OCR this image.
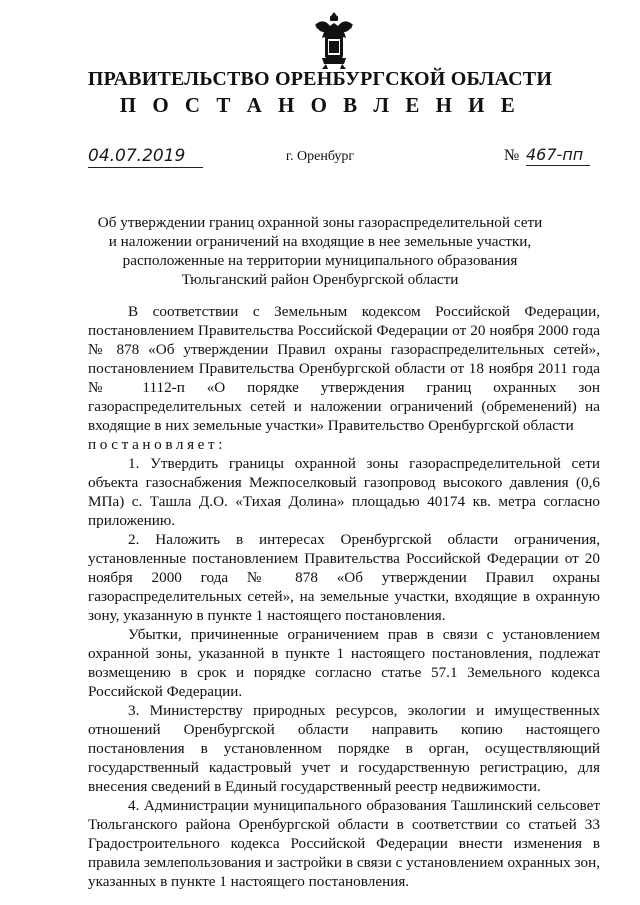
ПРАВИТЕЛЬСТВО ОРЕНБУРГСКОЙ ОБЛАСТИ
П О С Т А Н О В Л Е Н И Е
04.07.2019	г. Оренбург	№ 467-пп
Об утверждении границ охранной зоны газораспределительной сети
и наложении ограничений на входящие в нее земельные участки,
расположенные на территории муниципального образования
Тюльганский район Оренбургской области

В соответствии с Земельным кодексом Российской Федерации, постановлением Правительства Российской Федерации от 20 ноября 2000 года № 878 «Об утверждении Правил охраны газораспределительных сетей», постановлением Правительства Оренбургской области от 18 ноября 2011 года № 1112-п «О порядке утверждения границ охранных зон газораспределительных сетей и наложении ограничений (обременений) на входящие в них земельные участки» Правительство Оренбургской области

постановляет:

1. Утвердить границы охранной зоны газораспределительной сети объекта газоснабжения Межпоселковый газопровод высокого давления (0,6 МПа) с. Ташла Д.О. «Тихая Долина» площадью 40174 кв. метра согласно приложению.

2. Наложить в интересах Оренбургской области ограничения, установленные постановлением Правительства Российской Федерации от 20 ноября 2000 года № 878 «Об утверждении Правил охраны газораспределительных сетей», на земельные участки, входящие в охранную зону, указанную в пункте 1 настоящего постановления.

Убытки, причиненные ограничением прав в связи с установлением охранной зоны, указанной в пункте 1 настоящего постановления, подлежат возмещению в срок и порядке согласно статье 57.1 Земельного кодекса Российской Федерации.

3. Министерству природных ресурсов, экологии и имущественных отношений Оренбургской области направить копию настоящего постановления в установленном порядке в орган, осуществляющий государственный кадастровый учет и государственную регистрацию, для внесения сведений в Единый государственный реестр недвижимости.

4. Администрации муниципального образования Ташлинский сельсовет Тюльганского района Оренбургской области в соответствии со статьей 33 Градостроительного кодекса Российской Федерации внести изменения в правила землепользования и застройки в связи с установлением охранных зон, указанных в пункте 1 настоящего постановления.
